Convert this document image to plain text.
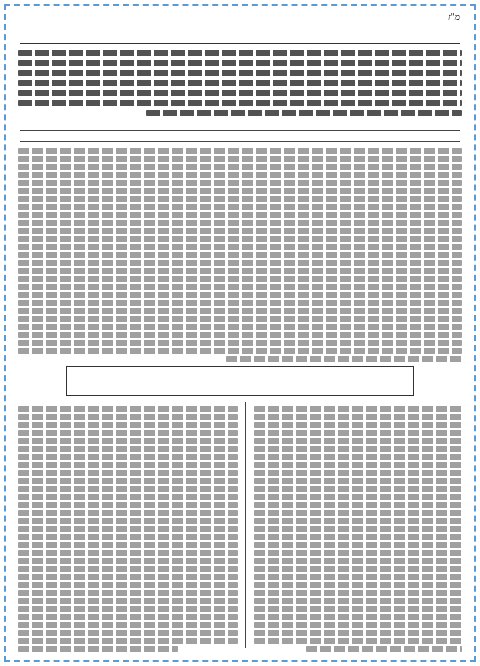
מ"ז
